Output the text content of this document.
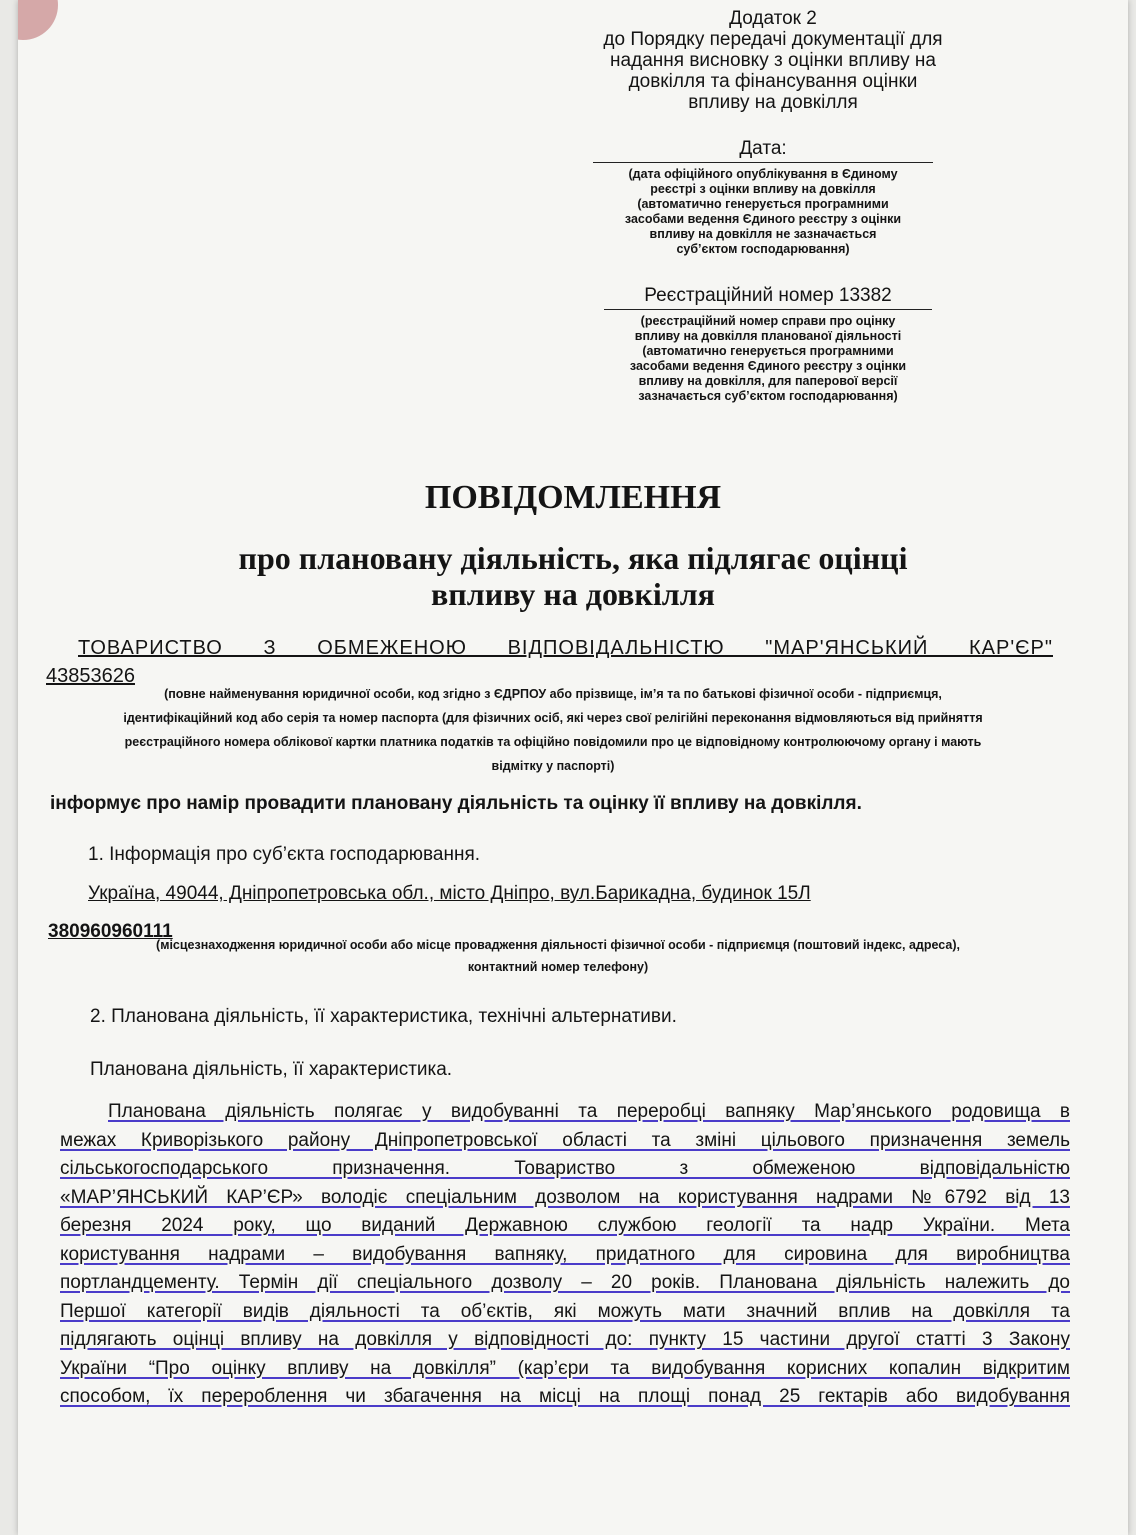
Додаток 2
до Порядку передачі документації для
надання висновку з оцінки впливу на
довкілля та фінансування оцінки
впливу на довкілля
Дата:
(дата офіційного опублікування в Єдиному
реєстрі з оцінки впливу на довкілля
(автоматично генерується програмними
засобами ведення Єдиного реєстру з оцінки
впливу на довкілля не зазначається
суб’єктом господарювання)
Реєстраційний номер 13382
(реєстраційний номер справи про оцінку
впливу на довкілля планованої діяльності
(автоматично генерується програмними
засобами ведення Єдиного реєстру з оцінки
впливу на довкілля, для паперової версії
зазначається суб’єктом господарювання)
ПОВІДОМЛЕННЯ
про плановану діяльність, яка підлягає оцінці
впливу на довкілля
ТОВАРИСТВО З ОБМЕЖЕНОЮ ВІДПОВІДАЛЬНІСТЮ "МАР'ЯНСЬКИЙ КАР'ЄР"
43853626
(повне найменування юридичної особи, код згідно з ЄДРПОУ або прізвище, ім’я та по батькові фізичної особи - підприємця,
ідентифікаційний код або серія та номер паспорта (для фізичних осіб, які через свої релігійні переконання відмовляються від прийняття
реєстраційного номера облікової картки платника податків та офіційно повідомили про це відповідному контролюючому органу і мають
відмітку у паспорті)
інформує про намір провадити плановану діяльність та оцінку її впливу на довкілля.
1. Інформація про суб’єкта господарювання.
Україна, 49044, Дніпропетровська обл., місто Дніпро, вул.Барикадна, будинок 15Л
380960960111
(місцезнаходження юридичної особи або місце провадження діяльності фізичної особи - підприємця (поштовий індекс, адреса),
контактний номер телефону)
2. Планована діяльність, її характеристика, технічні альтернативи.
Планована діяльність, її характеристика.
Планована діяльність полягає у видобуванні та переробці вапняку Мар’янського родовища в
межах Криворізького району Дніпропетровської області та зміні цільового призначення земель
сільськогосподарського призначення. Товариство з обмеженою відповідальністю
«МАР’ЯНСЬКИЙ КАР’ЄР» володіє спеціальним дозволом на користування надрами №6792 від 13
березня 2024 року, що виданий Державною службою геології та надр України. Мета
користування надрами – видобування вапняку, придатного для сировина для виробництва
портландцементу. Термін дії спеціального дозволу – 20 років. Планована діяльність належить до
Першої категорії видів діяльності та об’єктів, які можуть мати значний вплив на довкілля та
підлягають оцінці впливу на довкілля у відповідності до: пункту 15 частини другої статті 3 Закону
України “Про оцінку впливу на довкілля” (кар’єри та видобування корисних копалин відкритим
способом, їх перероблення чи збагачення на місці на площі понад 25 гектарів або видобування
